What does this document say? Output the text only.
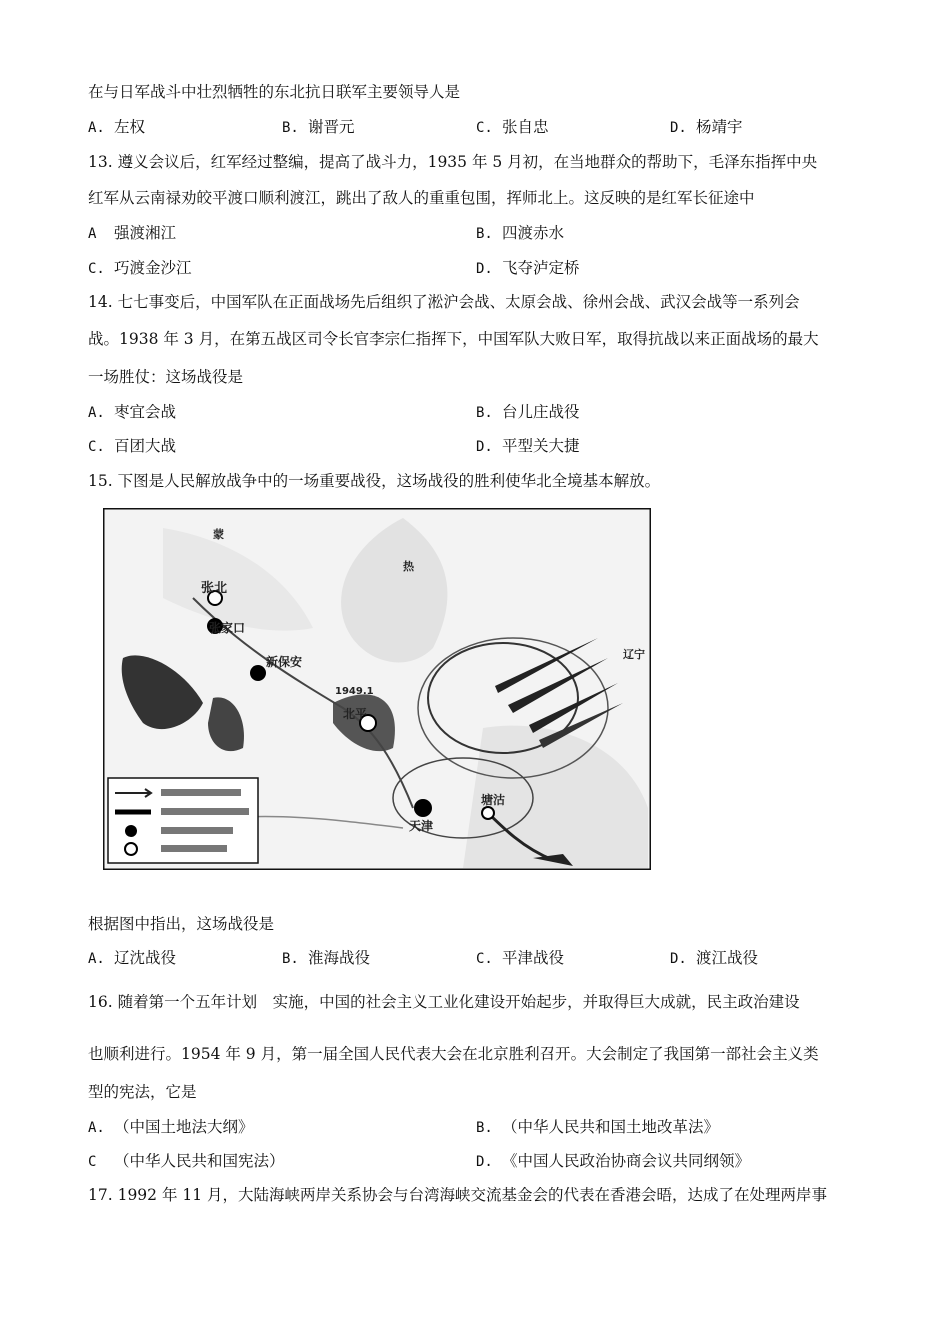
在与日军战斗中壮烈牺牲的东北抗日联军主要领导人是
A. 左权	B. 谢晋元	C. 张自忠	D. 杨靖宇
13. 遵义会议后，红军经过整编，提高了战斗力，1935 年 5 月初，在当地群众的帮助下，毛泽东指挥中央
红军从云南禄劝皎平渡口顺利渡江，跳出了敌人的重重包围，挥师北上。这反映的是红军长征途中
A 强渡湘江	B. 四渡赤水
C. 巧渡金沙江	D. 飞夺泸定桥
14. 七七事变后，中国军队在正面战场先后组织了淞沪会战、太原会战、徐州会战、武汉会战等一系列会
战。1938 年 3 月，在第五战区司令长官李宗仁指挥下，中国军队大败日军，取得抗战以来正面战场的最大
一场胜仗：这场战役是
A. 枣宜会战	B. 台儿庄战役
C. 百团大战	D. 平型关大捷
15. 下图是人民解放战争中的一场重要战役，这场战役的胜利使华北全境基本解放。
张北
张家口
新保安
1949.1
北平
天津
塘沽
热
辽宁
蒙
根据图中指出，这场战役是
A. 辽沈战役	B. 淮海战役	C. 平津战役	D. 渡江战役
16. 随着第一个五年计划　实施，中国的社会主义工业化建设开始起步，并取得巨大成就，民主政治建设
也顺利进行。1954 年 9 月，第一届全国人民代表大会在北京胜利召开。大会制定了我国第一部社会主义类
型的宪法，它是
A. （中国土地法大纲》	B. （中华人民共和国土地改革法》
C （中华人民共和国宪法）	D. 《中国人民政治协商会议共同纲领》
17. 1992 年 11 月，大陆海峡两岸关系协会与台湾海峡交流基金会的代表在香港会晤，达成了在处理两岸事
